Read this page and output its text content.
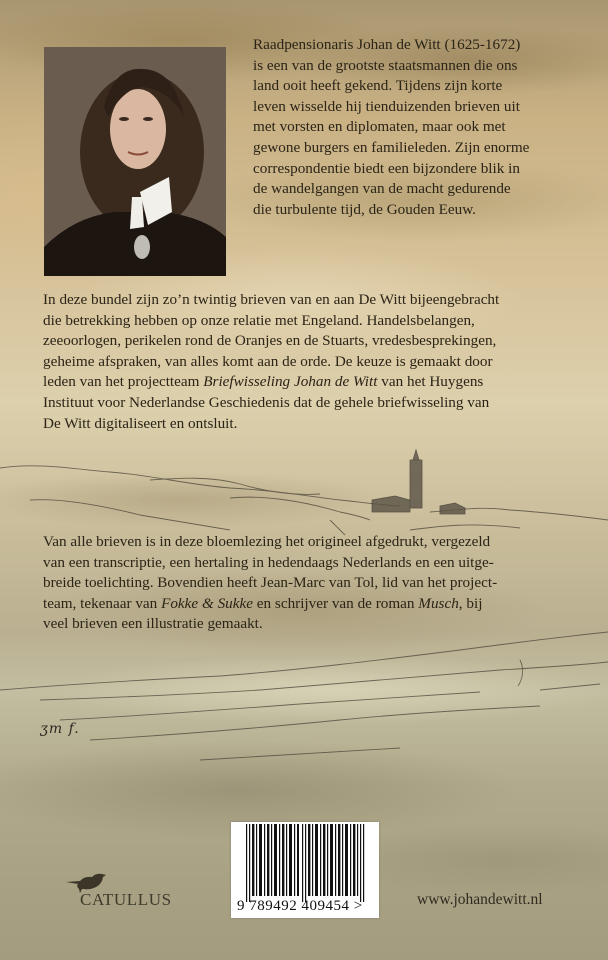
Raadpensionaris Johan de Witt (1625-1672)
is een van de grootste staatsmannen die ons
land ooit heeft gekend. Tijdens zijn korte
leven wisselde hij tienduizenden brieven uit
met vorsten en diplomaten, maar ook met
gewone burgers en familieleden. Zijn enorme
correspondentie biedt een bijzondere blik in
de wandelgangen van de macht gedurende
die turbulente tijd, de Gouden Eeuw.

In deze bundel zijn zo’n twintig brieven van en aan De Witt bijeengebracht
die betrekking hebben op onze relatie met Engeland. Handelsbelangen,
zeeoorlogen, perikelen rond de Oranjes en de Stuarts, vredesbesprekingen,
geheime afspraken, van alles komt aan de orde. De keuze is gemaakt door
leden van het projectteam Briefwisseling Johan de Witt van het Huygens
Instituut voor Nederlandse Geschiedenis dat de gehele briefwisseling van
De Witt digitaliseert en ontsluit.

Van alle brieven is in deze bloemlezing het origineel afgedrukt, vergezeld
van een transcriptie, een hertaling in hedendaags Nederlands en een uitge-
breide toelichting. Bovendien heeft Jean-Marc van Tol, lid van het project-
team, tekenaar van Fokke & Sukke en schrijver van de roman Musch, bij
veel brieven een illustratie gemaakt.

ʒm f.
CATULLUS	9 789492 409454 >	www.johandewitt.nl
